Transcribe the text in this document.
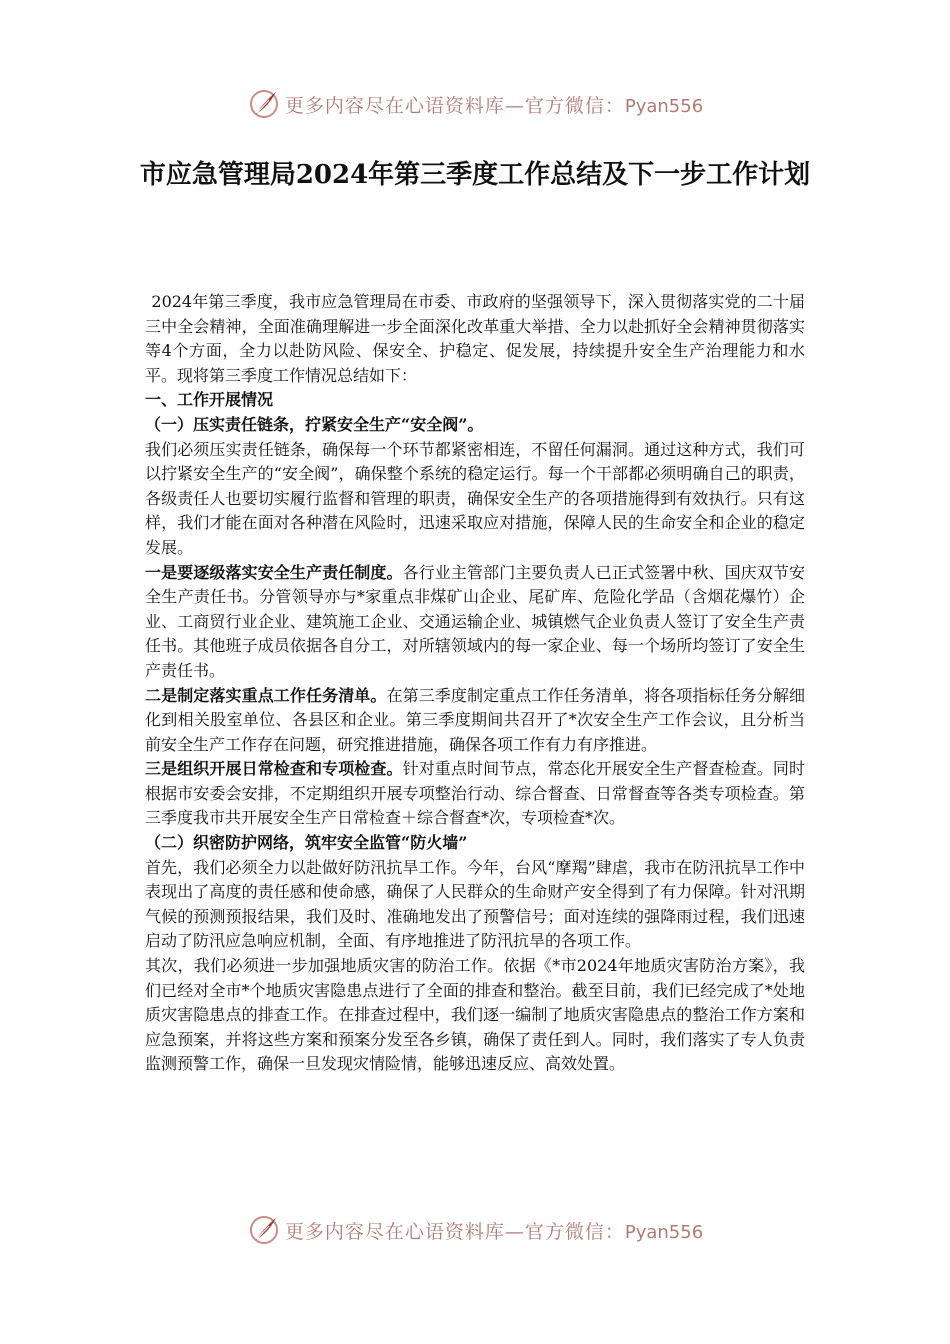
更多内容尽在心语资料库—官方微信：Pyan556
市应急管理局2024年第三季度工作总结及下一步工作计划

2024年第三季度，我市应急管理局在市委、市政府的坚强领导下，深入贯彻落实党的二十届三中全会精神，全面准确理解进一步全面深化改革重大举措、全力以赴抓好全会精神贯彻落实等4个方面，全力以赴防风险、保安全、护稳定、促发展，持续提升安全生产治理能力和水平。现将第三季度工作情况总结如下：

一、工作开展情况

（一）压实责任链条，拧紧安全生产“安全阀”。

我们必须压实责任链条，确保每一个环节都紧密相连，不留任何漏洞。通过这种方式，我们可以拧紧安全生产的“安全阀”，确保整个系统的稳定运行。每一个干部都必须明确自己的职责，各级责任人也要切实履行监督和管理的职责，确保安全生产的各项措施得到有效执行。只有这样，我们才能在面对各种潜在风险时，迅速采取应对措施，保障人民的生命安全和企业的稳定发展。

一是要逐级落实安全生产责任制度。各行业主管部门主要负责人已正式签署中秋、国庆双节安全生产责任书。分管领导亦与*家重点非煤矿山企业、尾矿库、危险化学品（含烟花爆竹）企业、工商贸行业企业、建筑施工企业、交通运输企业、城镇燃气企业负责人签订了安全生产责任书。其他班子成员依据各自分工，对所辖领域内的每一家企业、每一个场所均签订了安全生产责任书。

二是制定落实重点工作任务清单。在第三季度制定重点工作任务清单，将各项指标任务分解细化到相关股室单位、各县区和企业。第三季度期间共召开了*次安全生产工作会议，且分析当前安全生产工作存在问题，研究推进措施，确保各项工作有力有序推进。

三是组织开展日常检查和专项检查。针对重点时间节点，常态化开展安全生产督查检查。同时根据市安委会安排，不定期组织开展专项整治行动、综合督查、日常督查等各类专项检查。第三季度我市共开展安全生产日常检查＋综合督查*次，专项检查*次。

（二）织密防护网络，筑牢安全监管“防火墙”

首先，我们必须全力以赴做好防汛抗旱工作。今年，台风“摩羯”肆虐，我市在防汛抗旱工作中表现出了高度的责任感和使命感，确保了人民群众的生命财产安全得到了有力保障。针对汛期气候的预测预报结果，我们及时、准确地发出了预警信号；面对连续的强降雨过程，我们迅速启动了防汛应急响应机制，全面、有序地推进了防汛抗旱的各项工作。

其次，我们必须进一步加强地质灾害的防治工作。依据《*市2024年地质灾害防治方案》，我们已经对全市*个地质灾害隐患点进行了全面的排查和整治。截至目前，我们已经完成了*处地质灾害隐患点的排查工作。在排查过程中，我们逐一编制了地质灾害隐患点的整治工作方案和应急预案，并将这些方案和预案分发至各乡镇，确保了责任到人。同时，我们落实了专人负责监测预警工作，确保一旦发现灾情险情，能够迅速反应、高效处置。

更多内容尽在心语资料库—官方微信：Pyan556
